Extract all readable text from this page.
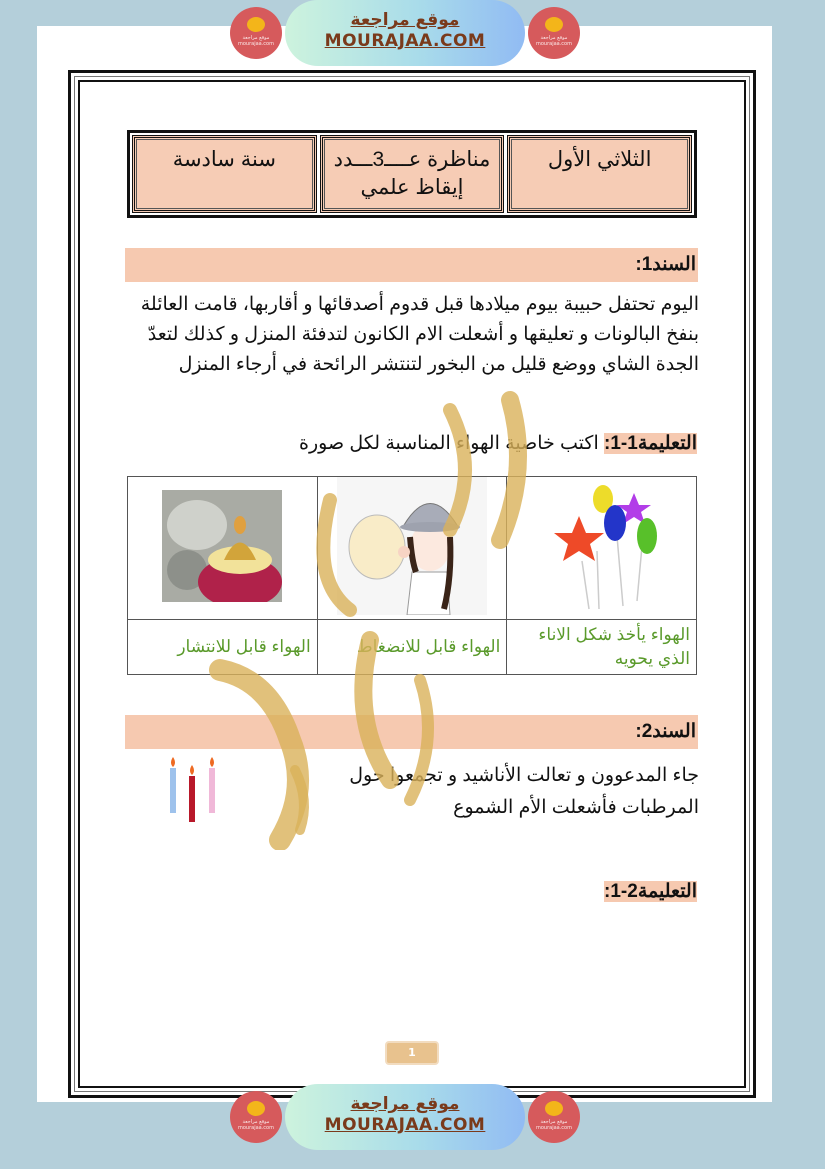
موقع مراجعة mourajaa.com
موقع مراجعة
MOURAJAA.COM	موقع مراجعة mourajaa.com
الثلاثي الأول
مناظرة عــــ3ـــدد إيقاظ علمي
سنة سادسة
السند1:
اليوم تحتفل حبيبة بيوم ميلادها قبل قدوم أصدقائها و أقاربها، قامت العائلة بنفخ البالونات و تعليقها و أشعلت الام الكانون لتدفئة المنزل و كذلك لتعدّ الجدة الشاي ووضع قليل من البخور لتنتشر الرائحة في أرجاء المنزل
التعليمة1-1: اكتب خاصية الهواء المناسبة لكل صورة

الهواء يأخذ شكل الاناء الذي يحويه	الهواء قابل للانضغاط	الهواء قابل للانتشار
السند2:
جاء المدعوون و تعالت الأناشيد و تجمعوا حول المرطبات فأشعلت الأم الشموع
التعليمة2-1:
1
موقع مراجعة mourajaa.com
موقع مراجعة
MOURAJAA.COM	موقع مراجعة mourajaa.com
